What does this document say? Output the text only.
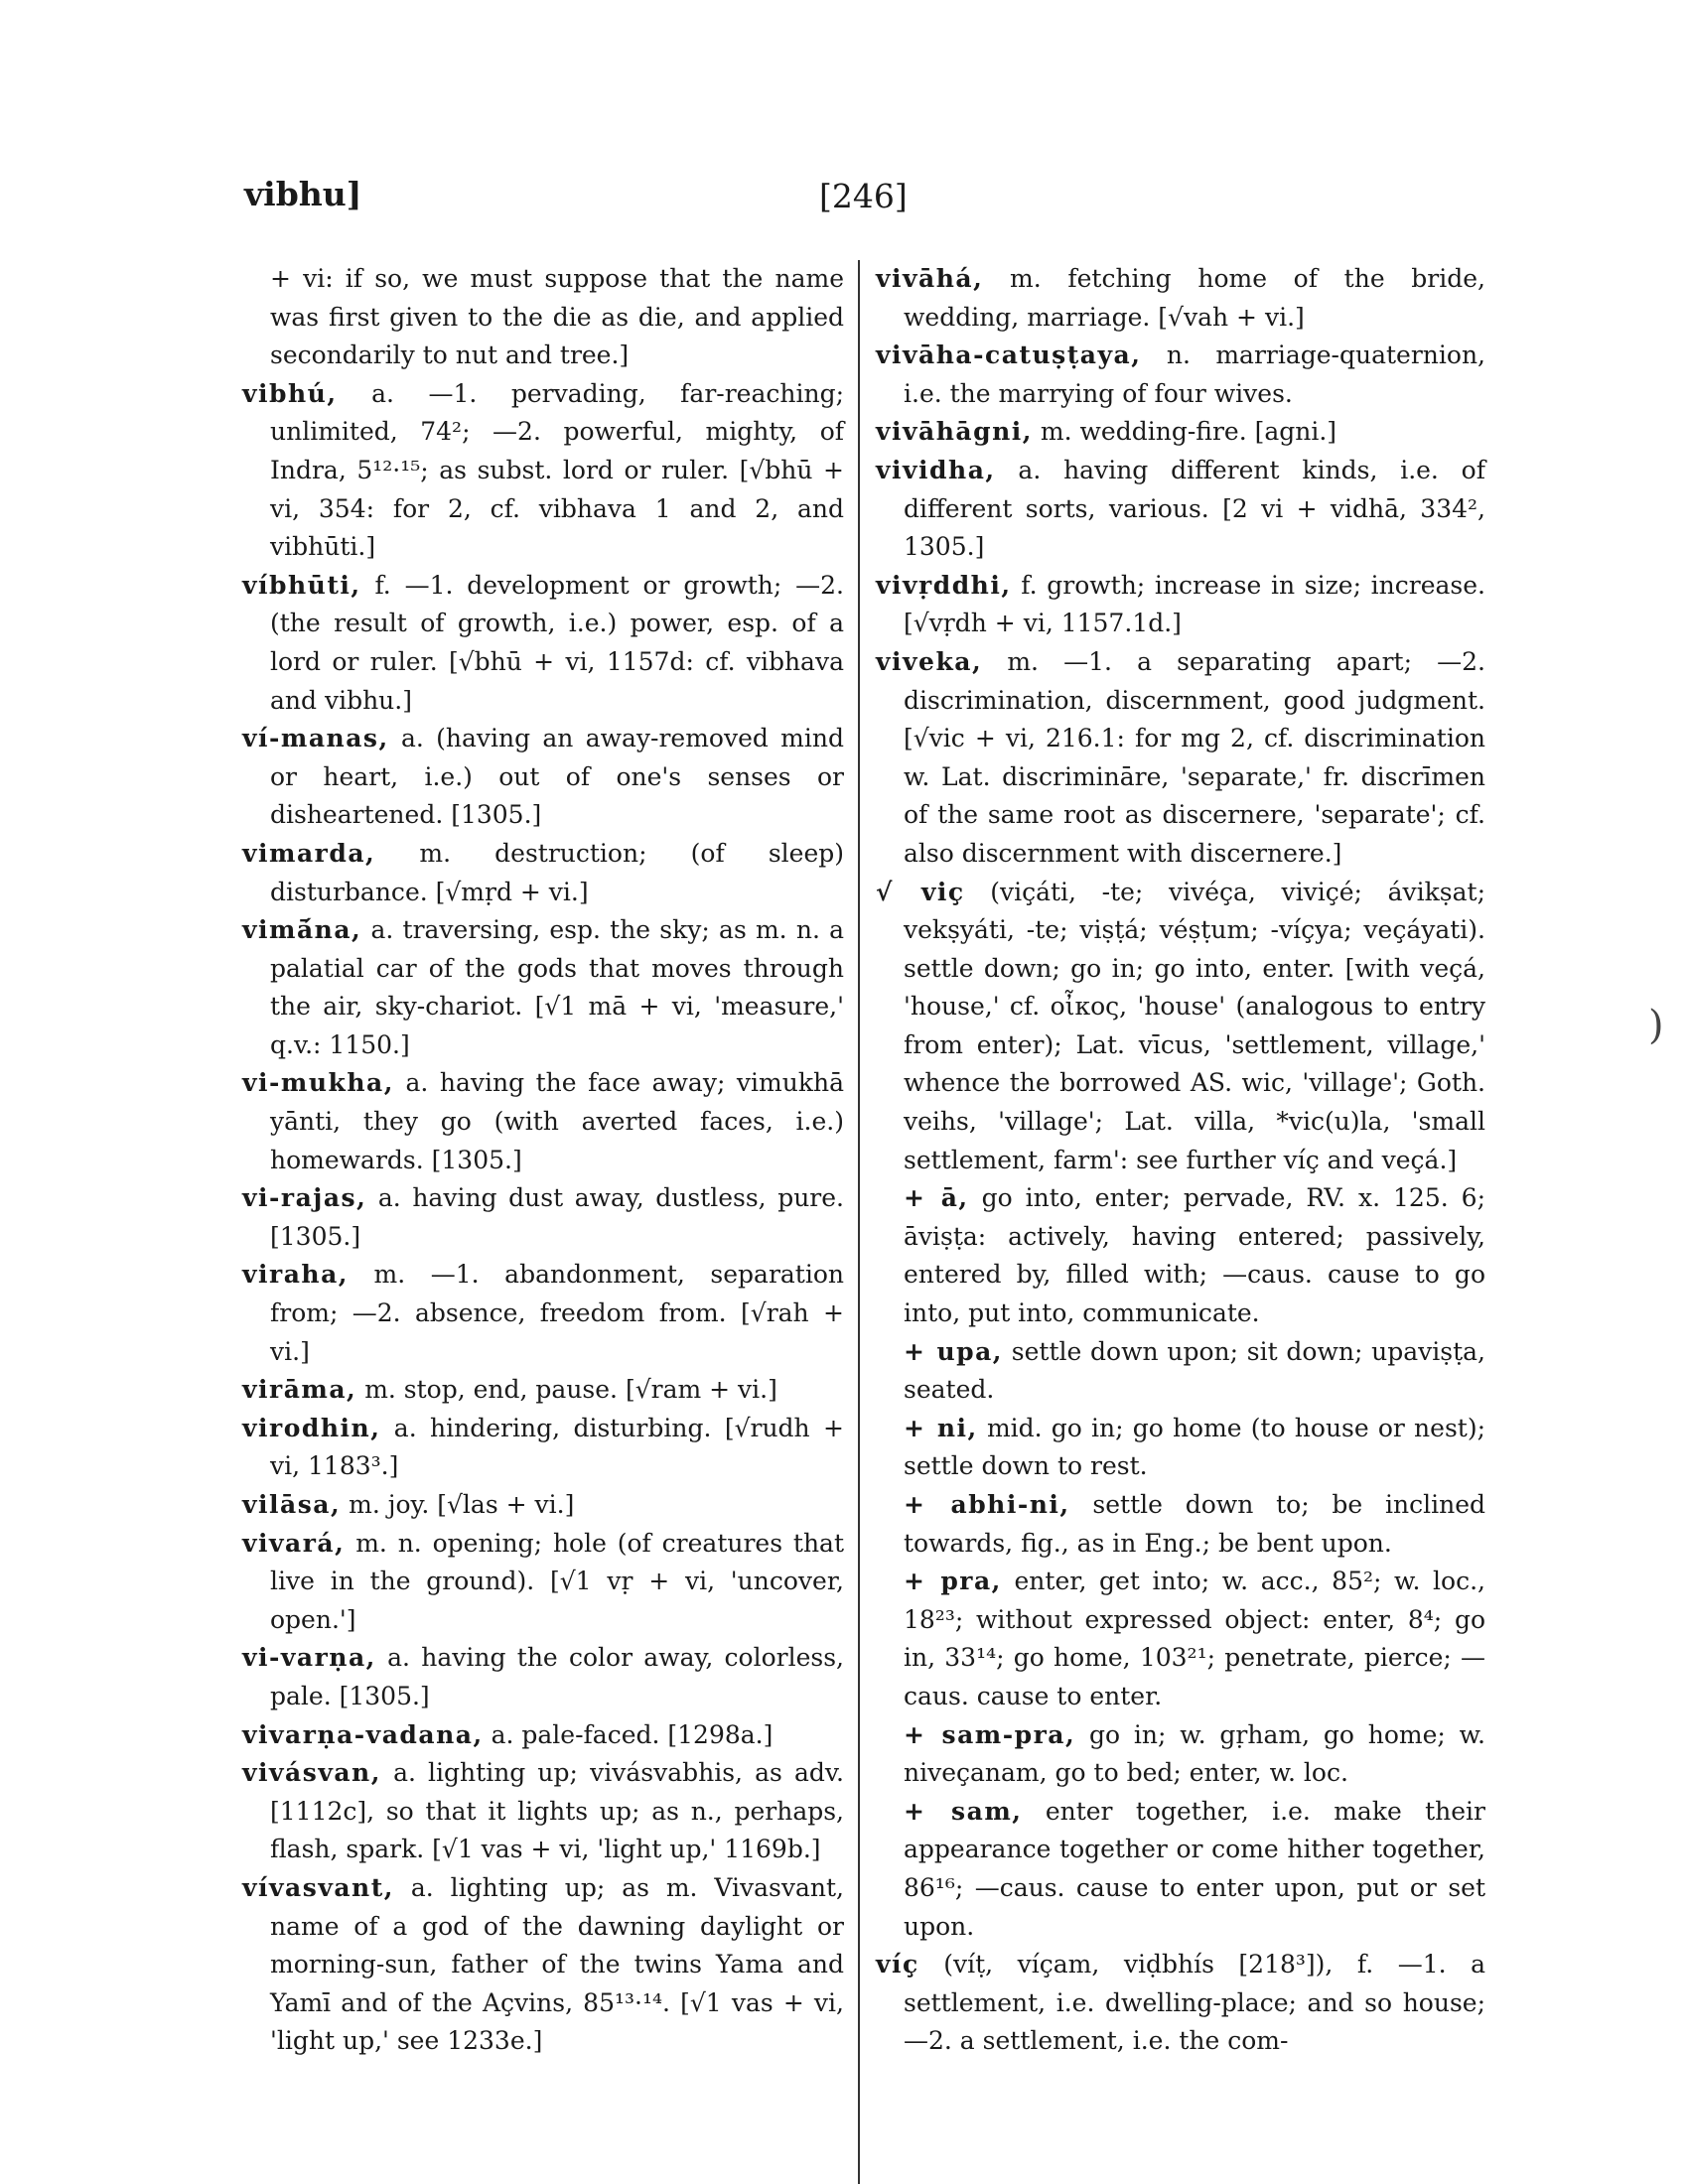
vibhu]	[246]
+ vi: if so, we must suppose that the name was first given to the die as die, and applied secondarily to nut and tree.]
vibhú, a. —1. pervading, far-reaching; unlimited, 74²; —2. powerful, mighty, of Indra, 5¹²·¹⁵; as subst. lord or ruler. [√bhū + vi, 354: for 2, cf. vibhava 1 and 2, and vibhūti.]
víbhūti, f. —1. development or growth; —2. (the result of growth, i.e.) power, esp. of a lord or ruler. [√bhū + vi, 1157d: cf. vibhava and vibhu.]
ví-manas, a. (having an away-removed mind or heart, i.e.) out of one's senses or disheartened. [1305.]
vimarda, m. destruction; (of sleep) disturbance. [√mṛd + vi.]
vimā́na, a. traversing, esp. the sky; as m. n. a palatial car of the gods that moves through the air, sky-chariot. [√1 mā + vi, 'measure,' q.v.: 1150.]
vi-mukha, a. having the face away; vimukhā yānti, they go (with averted faces, i.e.) homewards. [1305.]
vi-rajas, a. having dust away, dustless, pure. [1305.]
viraha, m. —1. abandonment, separation from; —2. absence, freedom from. [√rah + vi.]
virāma, m. stop, end, pause. [√ram + vi.]
virodhin, a. hindering, disturbing. [√rudh + vi, 1183³.]
vilāsa, m. joy. [√las + vi.]
vivará, m. n. opening; hole (of creatures that live in the ground). [√1 vṛ + vi, 'uncover, open.']
vi-varṇa, a. having the color away, colorless, pale. [1305.]
vivarṇa-vadana, a. pale-faced. [1298a.]
vivásvan, a. lighting up; vivásvabhis, as adv. [1112c], so that it lights up; as n., perhaps, flash, spark. [√1 vas + vi, 'light up,' 1169b.]
vívasvant, a. lighting up; as m. Vivasvant, name of a god of the dawning daylight or morning-sun, father of the twins Yama and Yamī and of the Açvins, 85¹³·¹⁴. [√1 vas + vi, 'light up,' see 1233e.]
vivāhá, m. fetching home of the bride, wedding, marriage. [√vah + vi.]
vivāha-catuṣṭaya, n. marriage-quaternion, i.e. the marrying of four wives.
vivāhāgni, m. wedding-fire. [agni.]
vividha, a. having different kinds, i.e. of different sorts, various. [2 vi + vidhā, 334², 1305.]
vivṛddhi, f. growth; increase in size; increase. [√vṛdh + vi, 1157.1d.]
viveka, m. —1. a separating apart; —2. discrimination, discernment, good judgment. [√vic + vi, 216.1: for mg 2, cf. discrimination w. Lat. discrimināre, 'separate,' fr. discrīmen of the same root as discernere, 'separate'; cf. also discernment with discernere.]
√ viç (viçáti, -te; vivéça, viviçé; ávikṣat; vekṣyáti, -te; viṣṭá; véṣṭum; -víçya; veçáyati). settle down; go in; go into, enter. [with veçá, 'house,' cf. οἶκος, 'house' (analogous to entry from enter); Lat. vīcus, 'settlement, village,' whence the borrowed AS. wic, 'village'; Goth. veihs, 'village'; Lat. villa, *vic(u)la, 'small settlement, farm': see further víç and veçá.]
+ ā, go into, enter; pervade, RV. x. 125. 6; āviṣṭa: actively, having entered; passively, entered by, filled with; —caus. cause to go into, put into, communicate.
+ upa, settle down upon; sit down; upaviṣṭa, seated.
+ ni, mid. go in; go home (to house or nest); settle down to rest.
+ abhi-ni, settle down to; be inclined towards, fig., as in Eng.; be bent upon.
+ pra, enter, get into; w. acc., 85²; w. loc., 18²³; without expressed object: enter, 8⁴; go in, 33¹⁴; go home, 103²¹; penetrate, pierce; —caus. cause to enter.
+ sam-pra, go in; w. gṛham, go home; w. niveçanam, go to bed; enter, w. loc.
+ sam, enter together, i.e. make their appearance together or come hither together, 86¹⁶; —caus. cause to enter upon, put or set upon.
víç (víṭ, víçam, viḍbhís [218³]), f. —1. a settlement, i.e. dwelling-place; and so house; —2. a settlement, i.e. the com-
)
